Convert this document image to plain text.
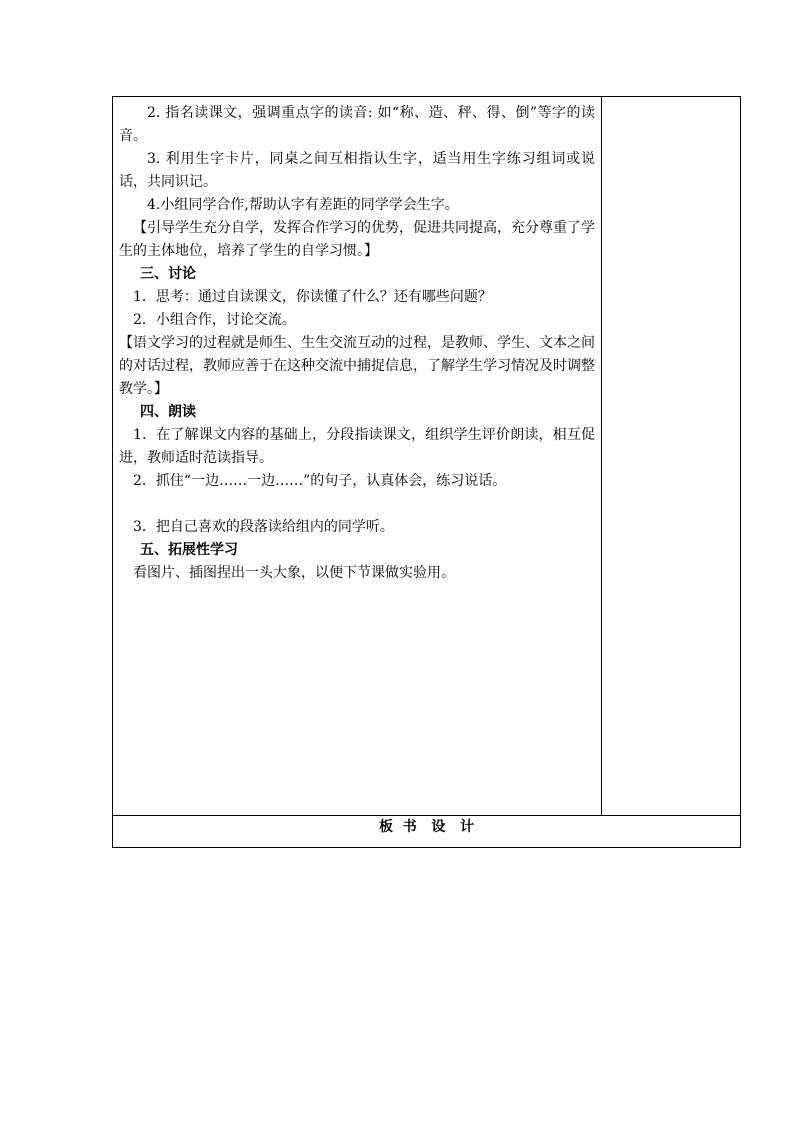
2. 指名读课文，强调重点字的读音: 如“称、造、秤、得、倒”等字的读音。

3. 利用生字卡片，同桌之间互相指认生字，适当用生字练习组词或说话，共同识记。

4.小组同学合作,帮助认字有差距的同学学会生字。

【引导学生充分自学，发挥合作学习的优势，促进共同提高，充分尊重了学生的主体地位，培养了学生的自学习惯。】

三、讨论

1．思考：通过自读课文，你读懂了什么？还有哪些问题？

2．小组合作，讨论交流。

【语文学习的过程就是师生、生生交流互动的过程，是教师、学生、文本之间的对话过程，教师应善于在这种交流中捕捉信息，了解学生学习情况及时调整教学。】

四、朗读

1．在了解课文内容的基础上，分段指读课文，组织学生评价朗读，相互促进，教师适时范读指导。

2．抓住“一边……一边……”的句子，认真体会，练习说话。

3．把自己喜欢的段落读给组内的同学听。

五、拓展性学习

看图片、插图捏出一头大象，以便下节课做实验用。

板  书   设   计
